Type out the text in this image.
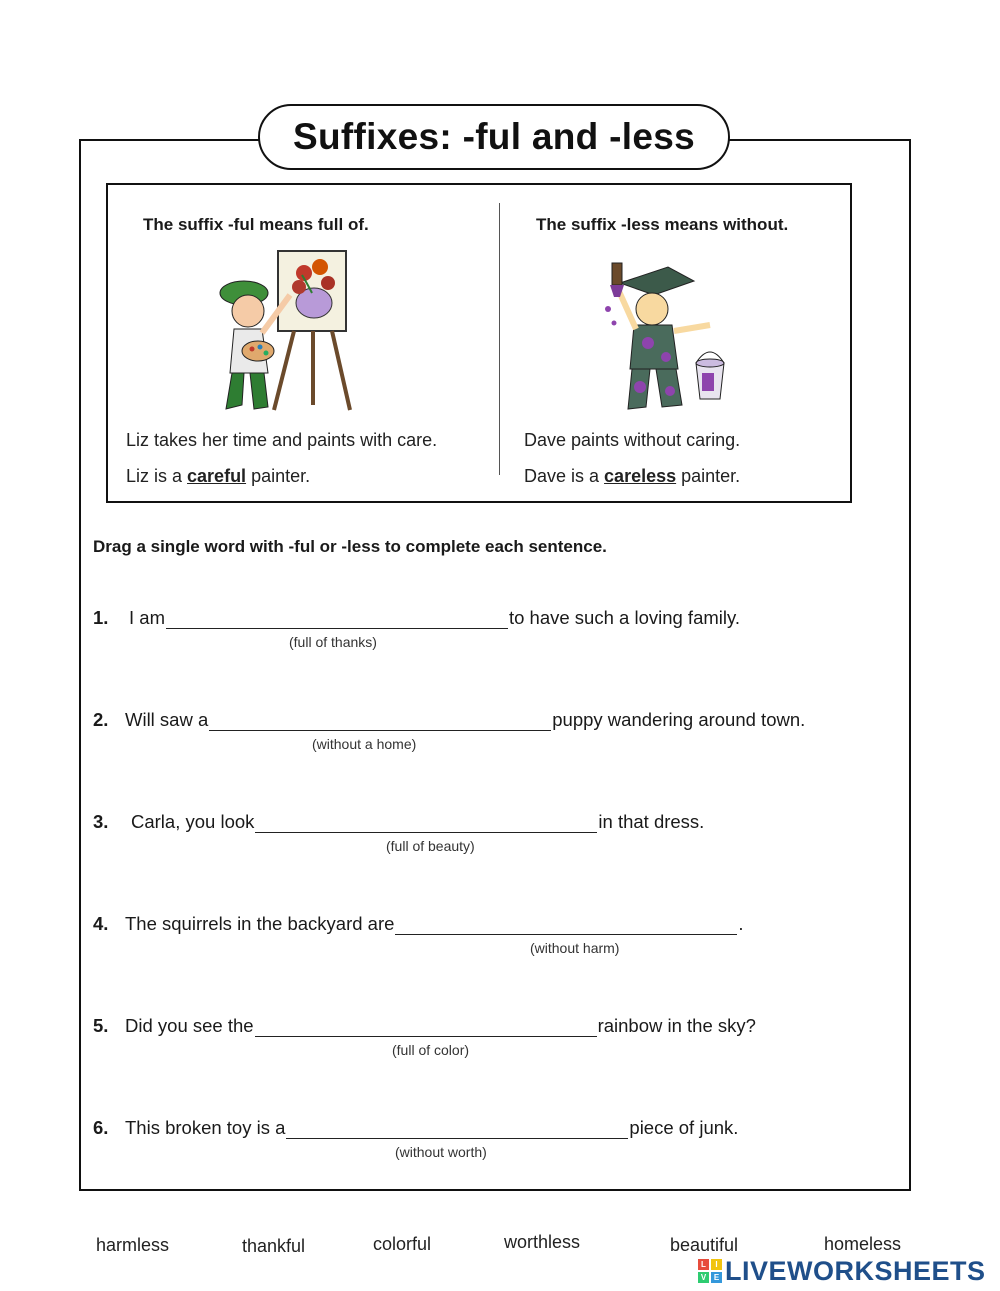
Suffixes: -ful and -less
The suffix -ful means full of.	The suffix -less means without.
Liz takes her time and paints with care.
Liz is a careful painter.
Dave paints without caring.
Dave is a careless painter.
Drag a single word with -ful or -less to complete each sentence.
1.	I am	to have such a loving family.
(full of thanks)
2. Will saw a	puppy wandering around town.
(without a home)
3.	Carla, you look	in that dress.
(full of beauty)
4. The squirrels in the backyard are	.
(without harm)
5. Did you see the	rainbow in the sky?
(full of color)
6. This broken toy is a	piece of junk.
(without worth)
harmless	thankful	colorful	worthless	beautiful	homeless
L	I
V E LIVEWORKSHEETS
